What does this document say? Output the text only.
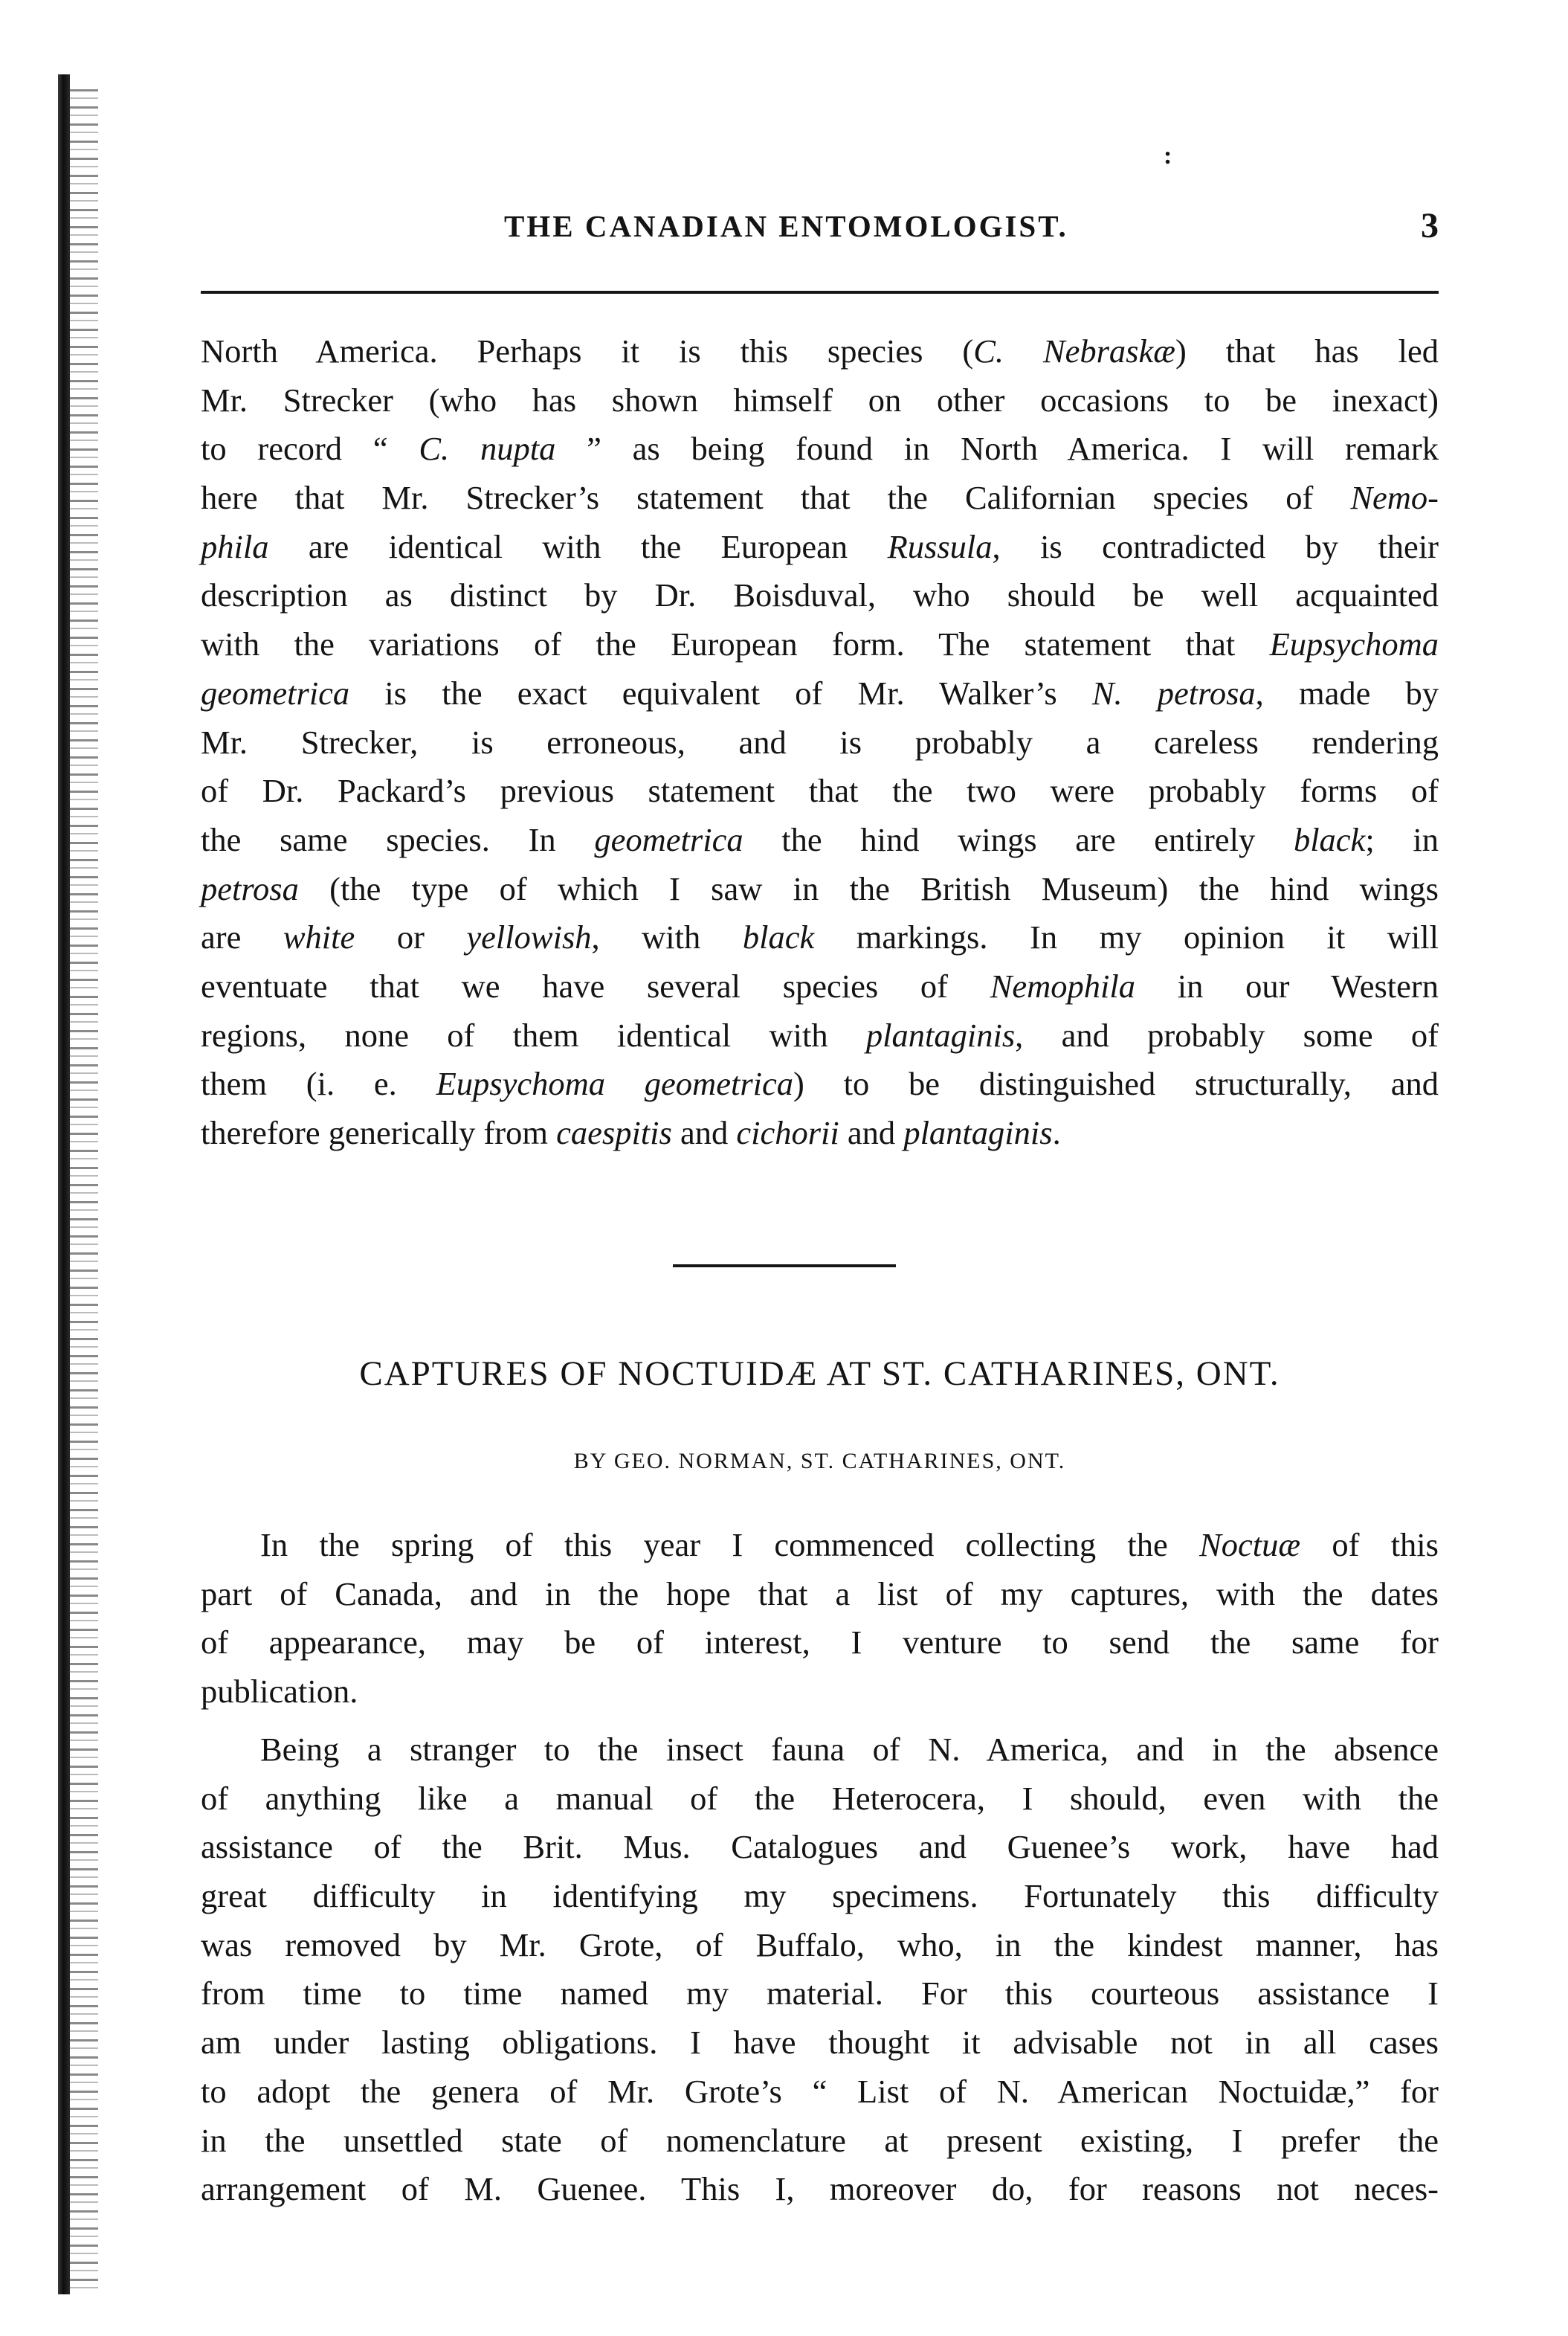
:
THE CANADIAN ENTOMOLOGIST.	3
North America. Perhaps it is this species (C. Nebraskæ) that has led
Mr. Strecker (who has shown himself on other occasions to be inexact)
to record “ C. nupta ” as being found in North America. I will remark
here that Mr. Strecker’s statement that the Californian species of Nemo-
phila are identical with the European Russula, is contradicted by their
description as distinct by Dr. Boisduval, who should be well acquainted
with the variations of the European form. The statement that Eupsychoma
geometrica is the exact equivalent of Mr. Walker’s N. petrosa, made by
Mr. Strecker, is erroneous, and is probably a careless rendering
of Dr. Packard’s previous statement that the two were probably forms of
the same species. In geometrica the hind wings are entirely black; in
petrosa (the type of which I saw in the British Museum) the hind wings
are white or yellowish, with black markings. In my opinion it will
eventuate that we have several species of Nemophila in our Western
regions, none of them identical with plantaginis, and probably some of
them (i. e. Eupsychoma geometrica) to be distinguished structurally, and
therefore generically from caespitis and cichorii and plantaginis.
CAPTURES OF NOCTUIDÆ AT ST. CATHARINES, ONT.
BY GEO. NORMAN, ST. CATHARINES, ONT.
In the spring of this year I commenced collecting the Noctuæ of this
part of Canada, and in the hope that a list of my captures, with the dates
of appearance, may be of interest, I venture to send the same for
publication.
Being a stranger to the insect fauna of N. America, and in the absence
of anything like a manual of the Heterocera, I should, even with the
assistance of the Brit. Mus. Catalogues and Guenee’s work, have had
great difficulty in identifying my specimens. Fortunately this difficulty
was removed by Mr. Grote, of Buffalo, who, in the kindest manner, has
from time to time named my material. For this courteous assistance I
am under lasting obligations. I have thought it advisable not in all cases
to adopt the genera of Mr. Grote’s “ List of N. American Noctuidæ,” for
in the unsettled state of nomenclature at present existing, I prefer the
arrangement of M. Guenee. This I, moreover do, for reasons not neces-
